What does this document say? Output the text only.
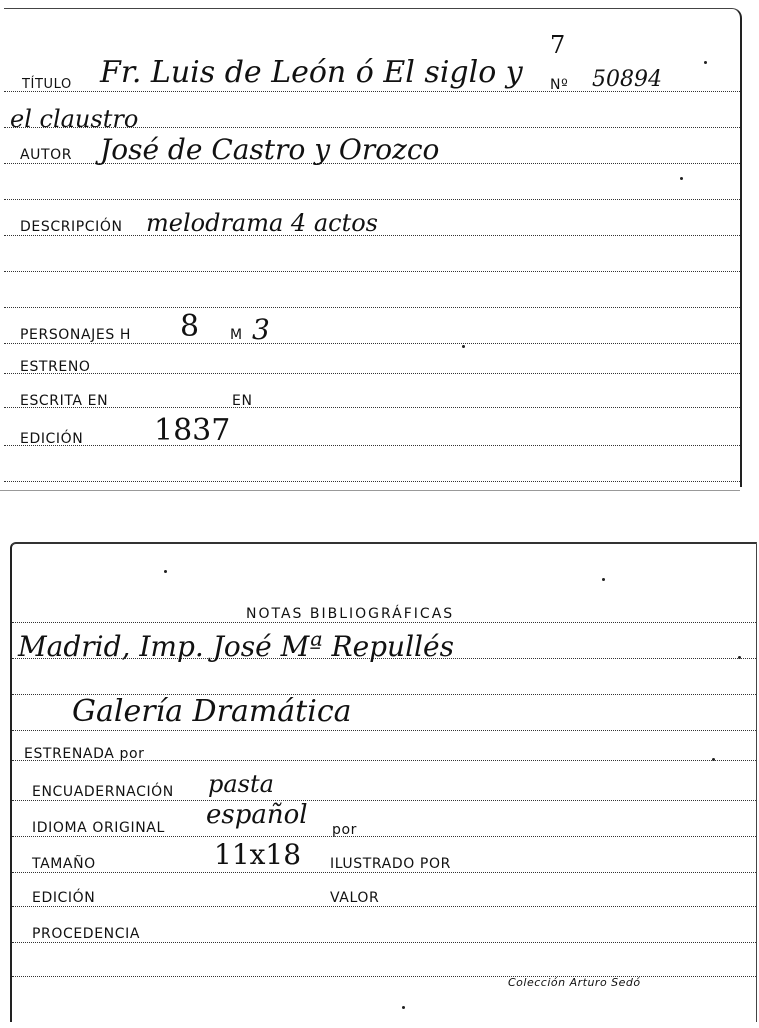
TÍTULO Fr. Luis de León ó El siglo y
7
Nº 50894
el claustro
AUTOR José de Castro y Orozco
DESCRIPCIÓN melodrama 4 actos
PERSONAJES H 8 M 3
ESTRENO
ESCRITA EN	EN
EDICIÓN 1837
NOTAS BIBLIOGRÁFICAS
Madrid, Imp. José Mª Repullés
Galería Dramática
ESTRENADA por
ENCUADERNACIÓN pasta
IDIOMA ORIGINAL español por
TAMAÑO	11x18 ILUSTRADO POR
EDICIÓN	VALOR
PROCEDENCIA
Colección Arturo Sedó
